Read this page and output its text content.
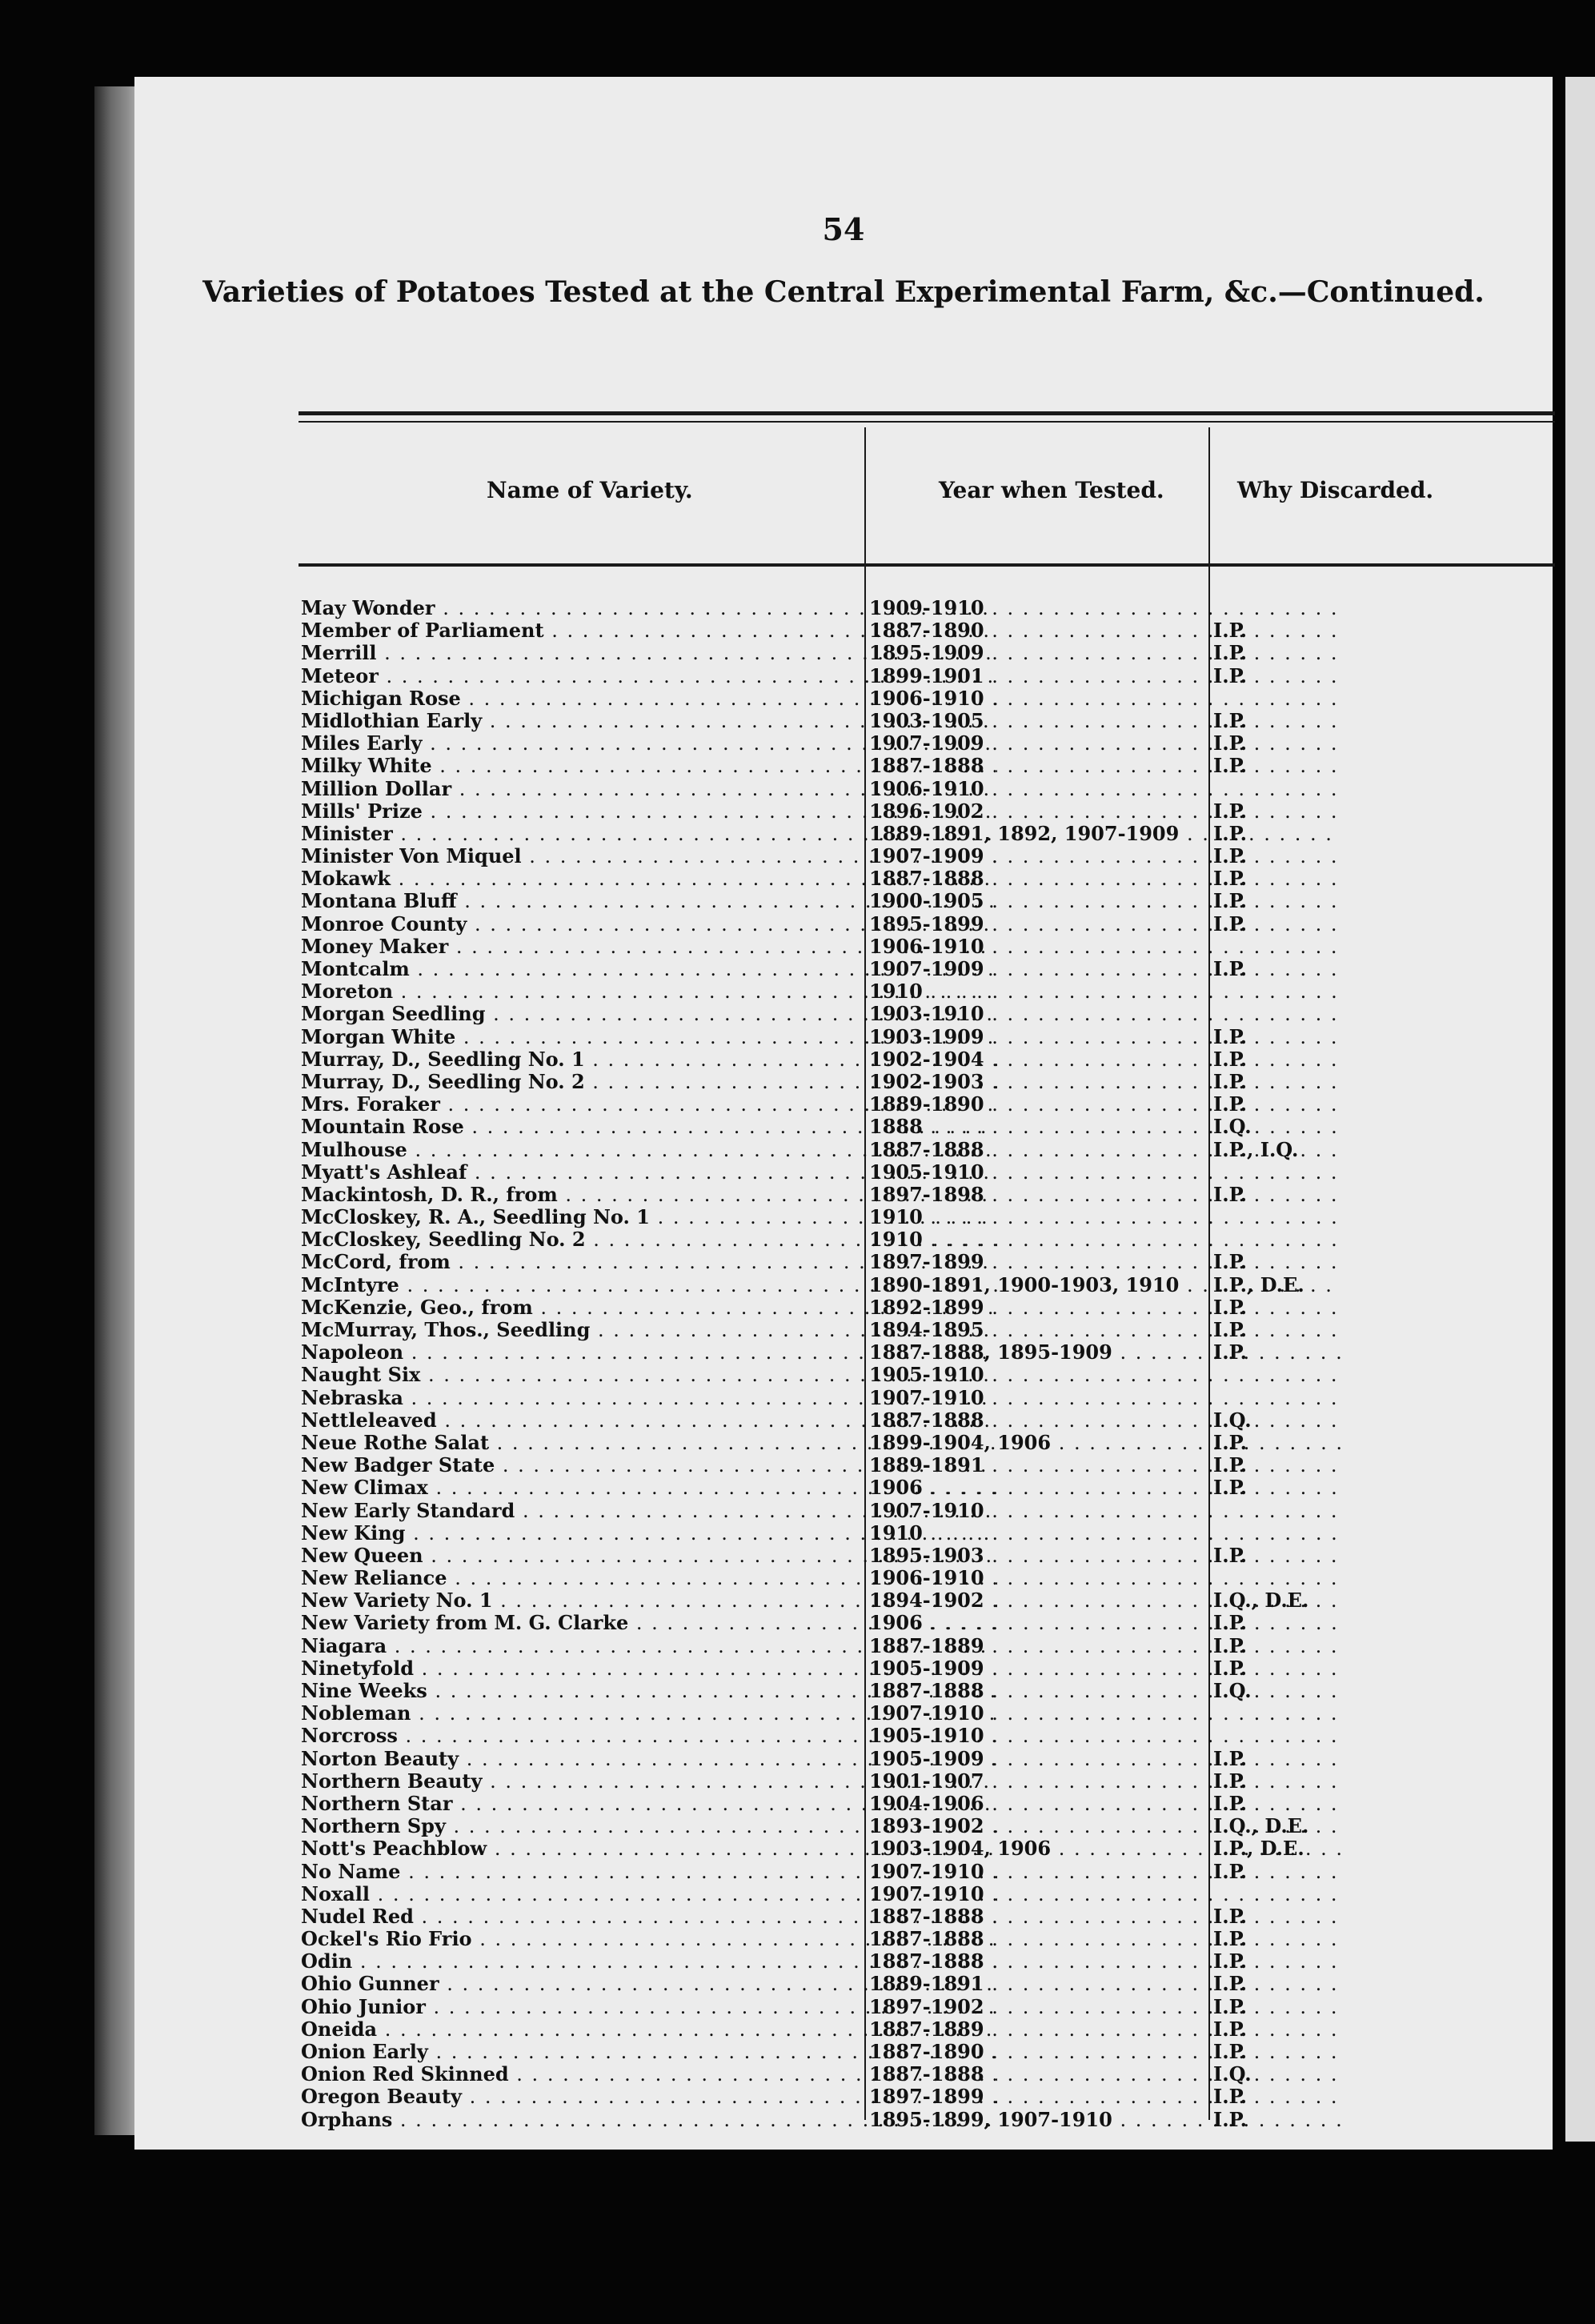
54
Varieties of Potatoes Tested at the Central Experimental Farm, &c.—Continued.
Name of Variety.	Year when Tested.	Why Discarded.
May Wonder . . .	1909-1910 . . .
Member of Parliament . . .	1887-1890 . . .	I.P.
Merrill . . .	1895-1909 . . .	I.P.
Meteor . . .	1899-1901 . . .	I.P.
Michigan Rose . . .	1906-1910 . . .
Midlothian Early . . .	1903-1905 . . .	I.P.
Miles Early . . .	1907-1909 . . .	I.P.
Milky White . . .	1887-1888 . . .	I.P.
Million Dollar . . .	1906-1910 . . .
Mills' Prize . . .	1896-1902 . . .	I.P.
Minister . . .	1889-1891, 1892, 1907-1909 . . .	I.P.
Minister Von Miquel . . .	1907-1909 . . .	I.P.
Mokawk . . .	1887-1888 . . .	I.P.
Montana Bluff . . .	1900-1905 . . .	I.P.
Monroe County . . .	1895-1899 . . .	I.P.
Money Maker . . .	1906-1910 . . .
Montcalm . . .	1907-1909 . . .	I.P.
Moreton . . .	1910 . . .
Morgan Seedling . . .	1903-1910 . . .
Morgan White . . .	1903-1909 . . .	I.P.
Murray, D., Seedling No. 1 . . .	1902-1904 . . .	I.P.
Murray, D., Seedling No. 2 . . .	1902-1903 . . .	I.P.
Mrs. Foraker . . .	1889-1890 . . .	I.P.
Mountain Rose . . .	1888 . . .	I.Q.
Mulhouse . . .	1887-1888 . . .	I.P., I.Q.
Myatt's Ashleaf . . .	1905-1910 . . .
Mackintosh, D. R., from . . .	1897-1898 . . .	I.P.
McCloskey, R. A., Seedling No. 1 . . .	1910 . . .
McCloskey, Seedling No. 2 . . .	1910 . . .
McCord, from . . .	1897-1899 . . .	I.P.
McIntyre . . .	1890-1891, 1900-1903, 1910 . . .	I.P., D.E.
McKenzie, Geo., from . . .	1892-1899 . . .	I.P.
McMurray, Thos., Seedling . . .	1894-1895 . . .	I.P.
Napoleon . . .	1887-1888, 1895-1909 . . .	I.P.
Naught Six . . .	1905-1910 . . .
Nebraska . . .	1907-1910 . . .
Nettleleaved . . .	1887-1888 . . .	I.Q.
Neue Rothe Salat . . .	1899-1904, 1906 . . .	I.P.
New Badger State . . .	1889-1891 . . .	I.P.
New Climax . . .	1906 . . .	I.P.
New Early Standard . . .	1907-1910 . . .
New King . . .	1910 . . .
New Queen . . .	1895-1903 . . .	I.P.
New Reliance . . .	1906-1910 . . .
New Variety No. 1 . . .	1894-1902 . . .	I.Q., D.E.
New Variety from M. G. Clarke . . .	1906 . . .	I.P.
Niagara . . .	1887-1889 . . .	I.P.
Ninetyfold . . .	1905-1909 . . .	I.P.
Nine Weeks . . .	1887-1888 . . .	I.Q.
Nobleman . . .	1907-1910 . . .
Norcross . . .	1905-1910 . . .
Norton Beauty . . .	1905-1909 . . .	I.P.
Northern Beauty . . .	1901-1907 . . .	I.P.
Northern Star . . .	1904-1906 . . .	I.P.
Northern Spy . . .	1893-1902 . . .	I.Q., D.E.
Nott's Peachblow . . .	1903-1904, 1906 . . .	I.P., D.E.
No Name . . .	1907-1910 . . .	I.P.
Noxall . . .	1907-1910 . . .
Nudel Red . . .	1887-1888 . . .	I.P.
Ockel's Rio Frio . . .	1887-1888 . . .	I.P.
Odin . . .	1887-1888 . . .	I.P.
Ohio Gunner . . .	1889-1891 . . .	I.P.
Ohio Junior . . .	1897-1902 . . .	I.P.
Oneida . . .	1887-1889 . . .	I.P.
Onion Early . . .	1887-1890 . . .	I.P.
Onion Red Skinned . . .	1887-1888 . . .	I.Q.
Oregon Beauty . . .	1897-1899 . . .	I.P.
Orphans . . .	1895-1899, 1907-1910 . . .	I.P.
